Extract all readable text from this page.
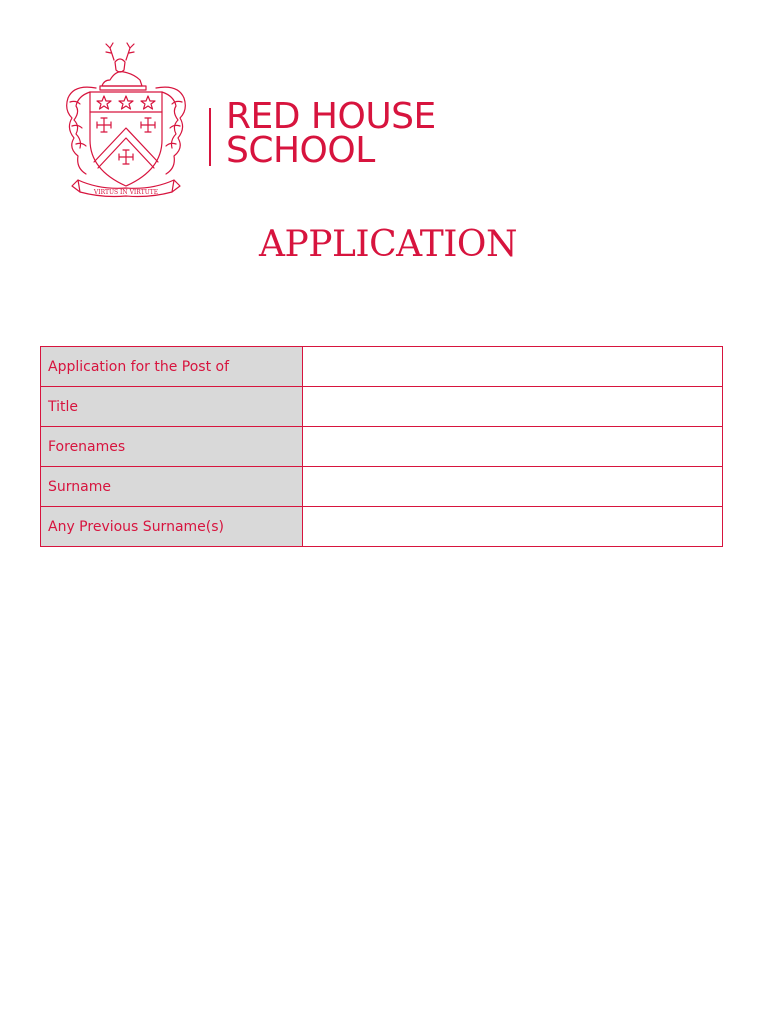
VIRTUS IN VIRTUTE
RED HOUSE
SCHOOL
APPLICATION
Application for the Post of	
Title	
Forenames	
Surname	
Any Previous Surname(s)	
